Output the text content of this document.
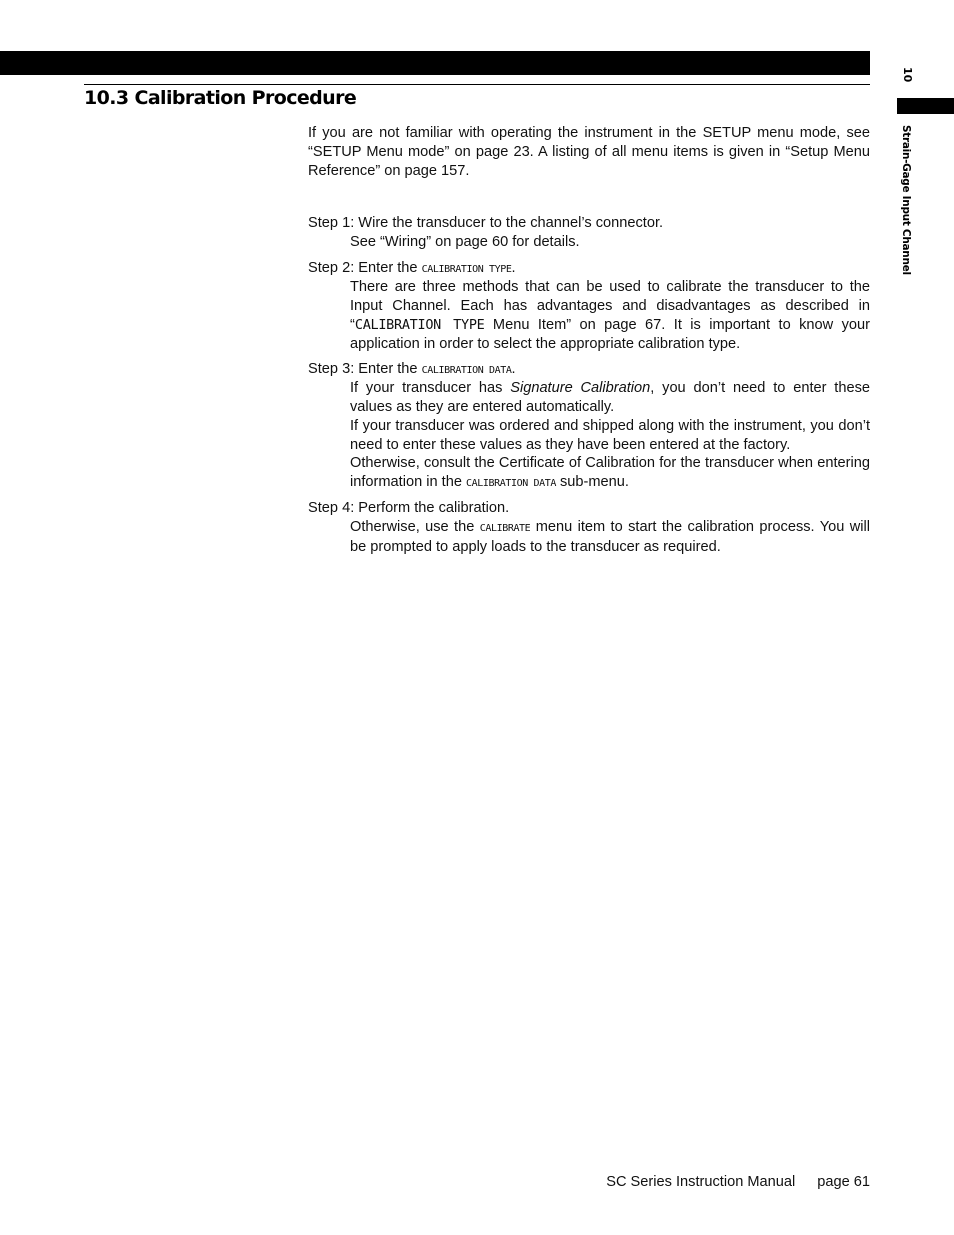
10.3 Calibration Procedure
10
Strain-Gage Input Channel

If you are not familiar with operating the instrument in the SETUP menu mode, see “SETUP Menu mode” on page 23. A listing of all menu items is given in “Setup Menu Reference” on page 157.

Step 1: Wire the transducer to the channel’s connector.

See “Wiring” on page 60 for details.

Step 2: Enter the CALIBRATION TYPE.

There are three methods that can be used to calibrate the transducer to the Input Channel. Each has advantages and disadvantages as described in “CALIBRATION TYPE Menu Item” on page 67. It is important to know your application in order to select the appropriate calibration type.

Step 3: Enter the CALIBRATION DATA.

If your transducer has Signature Calibration, you don’t need to enter these values as they are entered automatically.

If your transducer was ordered and shipped along with the instrument, you don’t need to enter these values as they have been entered at the factory.

Otherwise, consult the Certificate of Calibration for the transducer when entering information in the CALIBRATION DATA sub-menu.

Step 4: Perform the calibration.

Otherwise, use the CALIBRATE menu item to start the calibration process. You will be prompted to apply loads to the transducer as required.

SC Series Instruction Manual page 61
